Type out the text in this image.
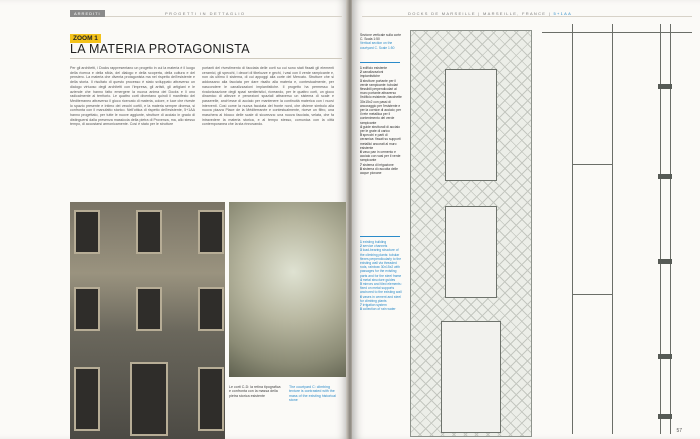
ARREDITI	PROGETTI IN DETTAGLIO
ZOOM 1
LA MATERIA PROTAGONISTA
Per gli architetti, i Docks rappresentano un progetto in cui la materia è il luogo della ricerca e della sfida, del dialogo e della scoperta, della cultura e del pensiero. La materia che diventa protagonista ma nel rispetto dell'esistente e della storia. Il risultato di questo processo è stato sviluppato attraverso un dialogo virtuoso degli architetti con l'impresa, gli artisti, gli artigiani e le aziende che hanno fatto emergere la nuova anima dei Docks e li ono radicalmente al territorio. Le quattro corti diventano quindi il manifesto del Mediterraneo attraverso il gioco ricercato di materia, colore, e luce che riveste lo spazio presente e intimo dei vecchi cortili, e la materia sempre diversa, si confronta con il manufatto storico. Nell'ottica di rispetto dell'esistente, 5+1AA hanno progettato, per tutte le nuove aggiunte, strutture di acciaio in grado di distinguersi dalla presenza massiccia della pietra di Provenza, ma, allo stesso tempo, di accostarsi armonicamente. Così è stato per le strutture
portanti del rivestimento di facciata delle corti su cui sono stati fissati gli elementi ceramici, gli specchi, i decori di tibeluzze e gechi, i vasi con il verde rampicante e, non da ultimo il sistema, di cui appoggi alla corte del Mercato. Strutture che si addossano alla facciata per dare risalto alla materia e, contestualmente, per nascondere le canalizzazioni impiantistiche. Il progetto ha permesso la rivalorizzazione degli spazi sentieristici, ricreando, per le quattro corti, un gioco dinamico di altezze e percezioni spaziali attraverso un sistema di scale e passerelle, anch'esse di acciaio per mantenere la continuità materica con i nuovi interventi. Così come la nuova facciata del fronte nord, che diviene simbolo alla nuova piazza Place de la Méditerranée e contestualmente, riceve un filtro, una maschera al blocco delle scale di sicurezza: una nuova facciata, velata, che fa intravedere la materia storica, e al tempo stesso, comunica con la città contemporanea che la sta rinnovando.
Le corti C-D: la retina tipografica e confronta con la massa della pietra storica esistente
The courtyard C: climbing texture is contrasted with the mass of the existing historical stone
DOCKS DE MARSEILLE | MARSEILLE, FRANCE | 5+1AA
Sezione verticale sulla corte C. Scala 1:50
Vertical section on the courtyard C. Scale 1:50
1 edificio esistente
2 canalizzazioni impiantistiche
3 strutture portante per il verde rampicante: tubolari flessibili perpendicolari al muro portante attraverso l'edificio esistente, bacchette 30x15x2 con passi di ancoraggio per l'esistente e per la cornice di acciaio; per il rete metallica per il contenimento del verde rampicante
4 guide strutturali di acciaio per le grate di carico
5 specchi e parti di ceramica: fissati su supporti metallici ancorati al muro esistente
6 vaso pan in cemento e acciaio con vasi per il verde rampicante
7 sistema di irrigazione
8 sistema di raccolta delle acque piovane
1 existing building
2 service channels
3 load-bearing structure of the climbing plants: tubular flexes perpendicularly to the existing wall via threaded rods, rainbow 30x15x2 with passages for the existing parts and for the steel frame
4 metal structure guides
5 mirrors and tiled elements: fixed on metal supports anchored to the existing wall
6 vases in cement and steel for climbing plants
7 irrigation system
8 collection of rain water
57
